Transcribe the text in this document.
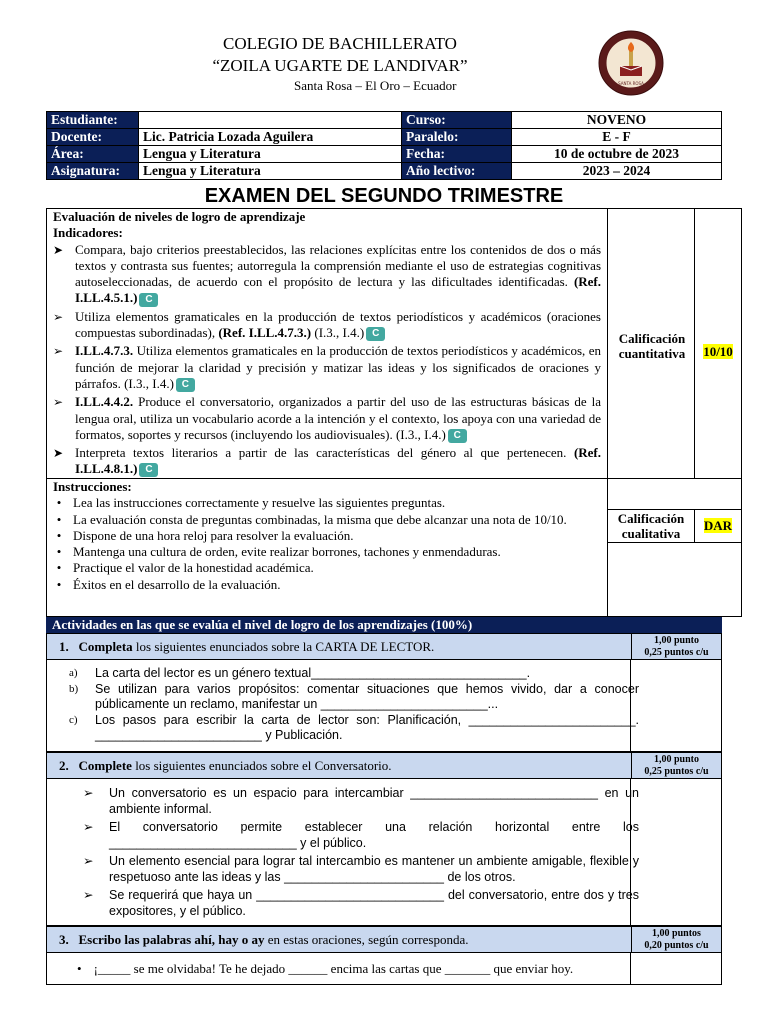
COLEGIO DE BACHILLERATO
“ZOILA UGARTE DE LANDIVAR”
Santa Rosa – El Oro – Ecuador	SANTA ROSA
Estudiante:		Curso:	NOVENO
Docente:	Lic. Patricia Lozada Aguilera	Paralelo:	E - F
Área:	Lengua y Literatura	Fecha:	10 de octubre de 2023
Asignatura:	Lengua y Literatura	Año lectivo:	2023 – 2024
EXAMEN DEL SEGUNDO TRIMESTRE
Evaluación de niveles de logro de aprendizaje
Indicadores:
➤ Compara, bajo criterios preestablecidos, las relaciones explícitas entre los contenidos de dos o más textos y contrasta sus fuentes; autorregula la comprensión mediante el uso de estrategias cognitivas autoseleccionadas, de acuerdo con el propósito de lectura y las dificultades identificadas. (Ref. I.LL.4.5.1.) C
➢ Utiliza elementos gramaticales en la producción de textos periodísticos y académicos (oraciones compuestas subordinadas), (Ref. I.LL.4.7.3.) (I.3., I.4.) C
➢ I.LL.4.7.3. Utiliza elementos gramaticales en la producción de textos periodísticos y académicos, en función de mejorar la claridad y precisión y matizar las ideas y los significados de oraciones y párrafos. (I.3., I.4.) C
➢ I.LL.4.4.2. Produce el conversatorio, organizados a partir del uso de las estructuras básicas de la lengua oral, utiliza un vocabulario acorde a la intención y el contexto, los apoya con una variedad de formatos, soportes y recursos (incluyendo los audiovisuales). (I.3., I.4.) C
➤ Interpreta textos literarios a partir de las características del género al que pertenecen. (Ref. I.LL.4.8.1.) C
Calificación cuantitativa	10/10
Instrucciones:
• Lea las instrucciones correctamente y resuelve las siguientes preguntas.
• La evaluación consta de preguntas combinadas, la misma que debe alcanzar una nota de 10/10.
• Dispone de una hora reloj para resolver la evaluación.
• Mantenga una cultura de orden, evite realizar borrones, tachones y enmendaduras.
• Practique el valor de la honestidad académica.
• Éxitos en el desarrollo de la evaluación.
Calificación cualitativa
DAR
Actividades en las que se evalúa el nivel de logro de los aprendizajes (100%)
1. Completa los siguientes enunciados sobre la CARTA DE LECTOR.	1,00 punto
0,25 puntos c/u
a)	La carta del lector es un género textual_______________________________.
b)	Se utilizan para varios propósitos: comentar situaciones que hemos vivido, dar a conocer públicamente un reclamo, manifestar un ________________________...
c)	Los pasos para escribir la carta de lector son: Planificación, ________________________. ________________________ y Publicación.
2. Complete los siguientes enunciados sobre el Conversatorio.	1,00 punto
0,25 puntos c/u
➢ Un conversatorio es un espacio para intercambiar ___________________________ en un ambiente informal.
➢ El conversatorio permite establecer una relación horizontal entre los ___________________________ y el público.
➢ Un elemento esencial para lograr tal intercambio es mantener un ambiente amigable, flexible y respetuoso ante las ideas y las _______________________ de los otros.
➢ Se requerirá que haya un ___________________________ del conversatorio, entre dos y tres expositores, y el público.
3. Escribo las palabras ahí, hay o ay en estas oraciones, según corresponda.	1,00 puntos
0,20 puntos c/u
• ¡_____ se me olvidaba! Te he dejado ______ encima las cartas que _______ que enviar hoy.
